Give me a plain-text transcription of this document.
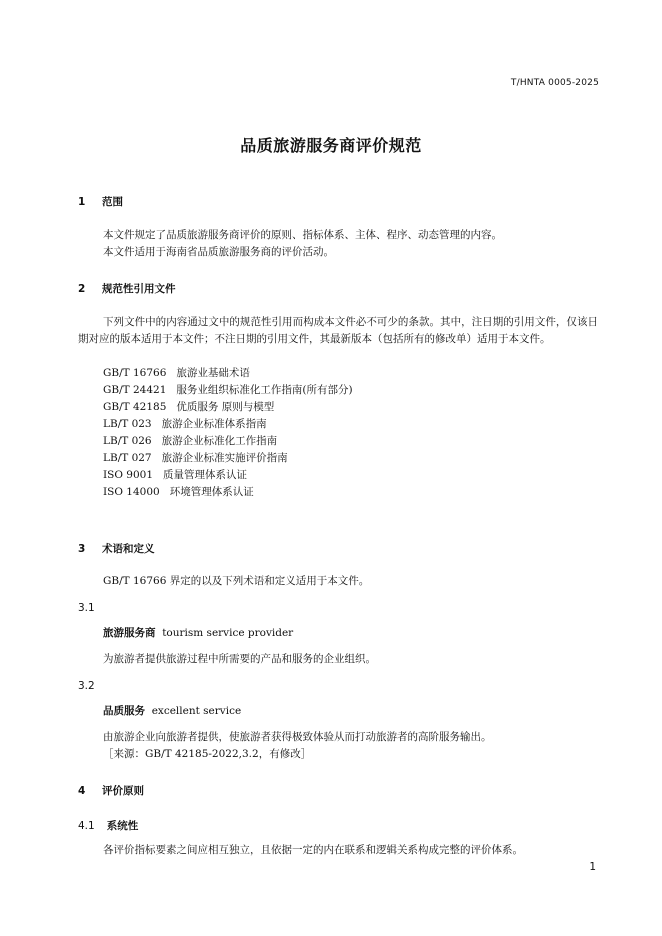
T/HNTA 0005-2025
品质旅游服务商评价规范
1 范围
本文件规定了品质旅游服务商评价的原则、指标体系、主体、程序、动态管理的内容。
本文件适用于海南省品质旅游服务商的评价活动。
2 规范性引用文件
下列文件中的内容通过文中的规范性引用而构成本文件必不可少的条款。其中，注日期的引用文件，仅该日期对应的版本适用于本文件；不注日期的引用文件，其最新版本（包括所有的修改单）适用于本文件。
GB/T 16766 旅游业基础术语
GB/T 24421 服务业组织标准化工作指南(所有部分)
GB/T 42185 优质服务 原则与模型
LB/T 023 旅游企业标准体系指南
LB/T 026 旅游企业标准化工作指南
LB/T 027 旅游企业标准实施评价指南
ISO 9001 质量管理体系认证
ISO 14000 环境管理体系认证
3 术语和定义
GB/T 16766 界定的以及下列术语和定义适用于本文件。
3.1
旅游服务商 tourism service provider
为旅游者提供旅游过程中所需要的产品和服务的企业组织。
3.2
品质服务 excellent service
由旅游企业向旅游者提供，使旅游者获得极致体验从而打动旅游者的高阶服务输出。
［来源：GB/T 42185-2022,3.2，有修改］
4 评价原则
4.1 系统性
各评价指标要素之间应相互独立，且依据一定的内在联系和逻辑关系构成完整的评价体系。
1
